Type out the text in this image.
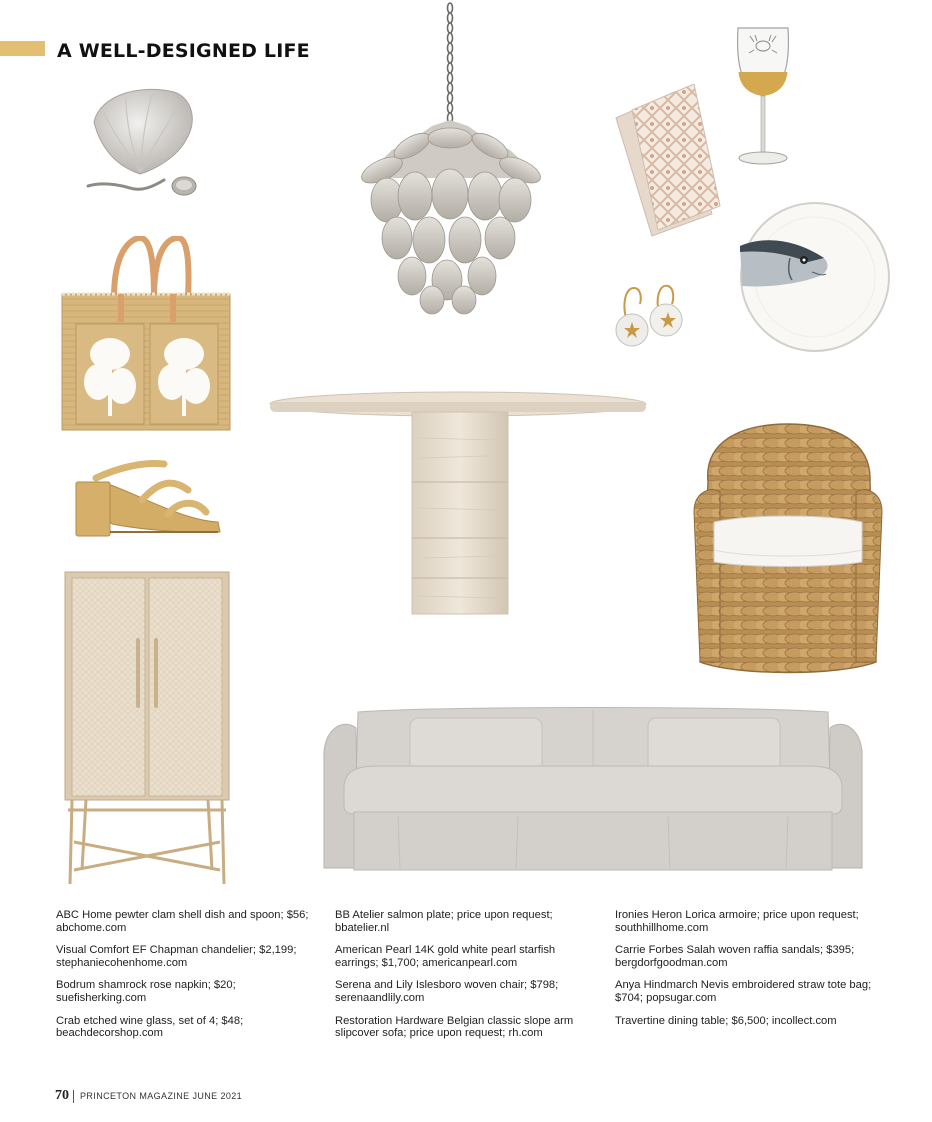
A WELL-DESIGNED LIFE

ABC Home pewter clam shell dish and spoon; $56; abchome.com

Visual Comfort EF Chapman chandelier; $2,199; stephaniecohenhome.com

Bodrum shamrock rose napkin; $20; suefisherking.com

Crab etched wine glass, set of 4; $48; beachdecorshop.com

BB Atelier salmon plate; price upon request; bbatelier.nl

American Pearl 14K gold white pearl starfish earrings; $1,700; americanpearl.com

Serena and Lily Islesboro woven chair; $798; serenaandlily.com

Restoration Hardware Belgian classic slope arm slipcover sofa; price upon request; rh.com

Ironies Heron Lorica armoire; price upon request; southhillhome.com

Carrie Forbes Salah woven raffia sandals; $395; bergdorfgoodman.com

Anya Hindmarch Nevis embroidered straw tote bag; $704; popsugar.com

Travertine dining table; $6,500; incollect.com

70 PRINCETON MAGAZINE JUNE 2021
